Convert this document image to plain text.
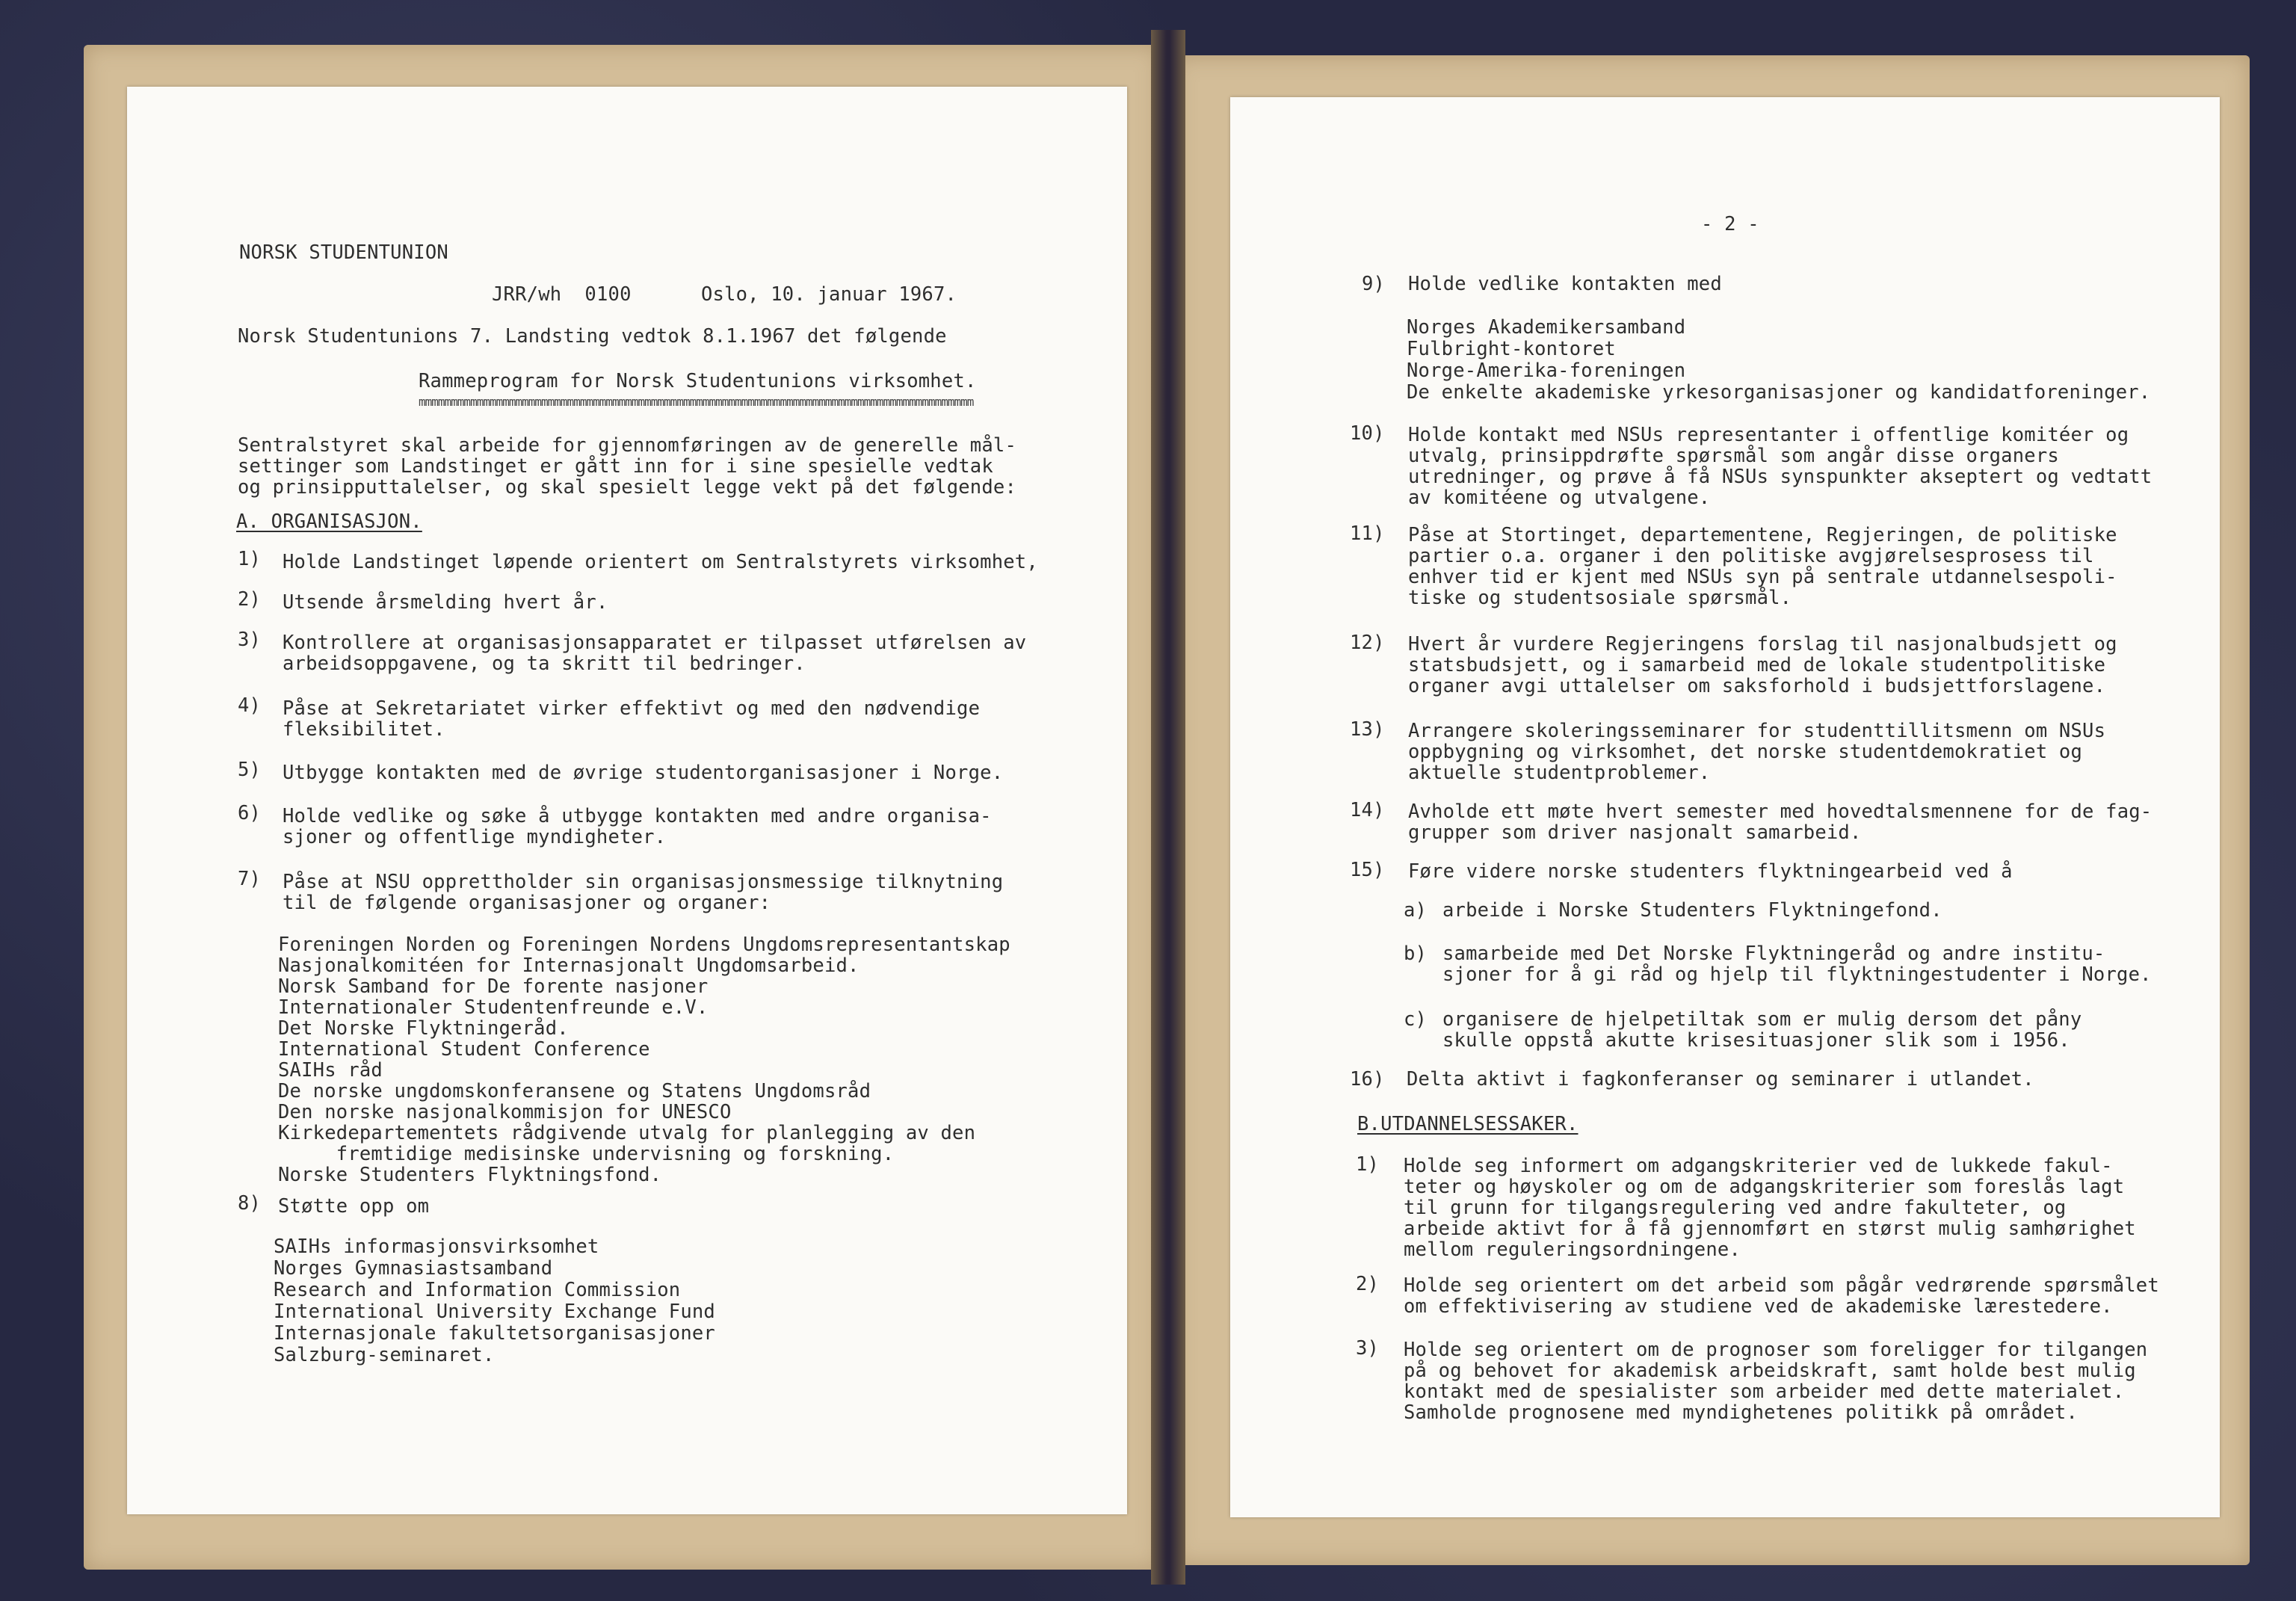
NORSK STUDENTUNION
JRR/wh  0100      Oslo, 10. januar 1967.
Norsk Studentunions 7. Landsting vedtok 8.1.1967 det følgende
Rammeprogram for Norsk Studentunions virksomhet.
mmmmmmmmmmmmmmmmmmmmmmmmmmmmmmmmmmmmmmmmmmmmmmmmmmmmmmmmmmmmmmmmmmmmmmmmmmmmmmmmmmmmmm
Sentralstyret skal arbeide for gjennomføringen av de generelle mål-
settinger som Landstinget er gått inn for i sine spesielle vedtak
og prinsipputtalelser, og skal spesielt legge vekt på det følgende:
A. ORGANISASJON.
1) Holde Landstinget løpende orientert om Sentralstyrets virksomhet,
2) Utsende årsmelding hvert år.
3) Kontrollere at organisasjonsapparatet er tilpasset utførelsen av
arbeidsoppgavene, og ta skritt til bedringer.
4) Påse at Sekretariatet virker effektivt og med den nødvendige
fleksibilitet.
5) Utbygge kontakten med de øvrige studentorganisasjoner i Norge.
6) Holde vedlike og søke å utbygge kontakten med andre organisa-
sjoner og offentlige myndigheter.
7) Påse at NSU opprettholder sin organisasjonsmessige tilknytning
til de følgende organisasjoner og organer:
Foreningen Norden og Foreningen Nordens Ungdomsrepresentantskap
Nasjonalkomitéen for Internasjonalt Ungdomsarbeid.
Norsk Samband for De forente nasjoner
Internationaler Studentenfreunde e.V.
Det Norske Flyktningeråd.
International Student Conference
SAIHs råd
De norske ungdomskonferansene og Statens Ungdomsråd
Den norske nasjonalkommisjon for UNESCO
Kirkedepartementets rådgivende utvalg for planlegging av den
fremtidige medisinske undervisning og forskning.
Norske Studenters Flyktningsfond.
8) Støtte opp om
SAIHs informasjonsvirksomhet
Norges Gymnasiastsamband
Research and Information Commission
International University Exchange Fund
Internasjonale fakultetsorganisasjoner
Salzburg-seminaret.
- 2 -
9) Holde vedlike kontakten med
Norges Akademikersamband
Fulbright-kontoret
Norge-Amerika-foreningen
De enkelte akademiske yrkesorganisasjoner og kandidatforeninger.
10) Holde kontakt med NSUs representanter i offentlige komitéer og
utvalg, prinsippdrøfte spørsmål som angår disse organers
utredninger, og prøve å få NSUs synspunkter akseptert og vedtatt
av komitéene og utvalgene.
11) Påse at Stortinget, departementene, Regjeringen, de politiske
partier o.a. organer i den politiske avgjørelsesprosess til
enhver tid er kjent med NSUs syn på sentrale utdannelsespoli-
tiske og studentsosiale spørsmål.
12) Hvert år vurdere Regjeringens forslag til nasjonalbudsjett og
statsbudsjett, og i samarbeid med de lokale studentpolitiske
organer avgi uttalelser om saksforhold i budsjettforslagene.
13) Arrangere skoleringsseminarer for studenttillitsmenn om NSUs
oppbygning og virksomhet, det norske studentdemokratiet og
aktuelle studentproblemer.
14) Avholde ett møte hvert semester med hovedtalsmennene for de fag-
grupper som driver nasjonalt samarbeid.
15) Føre videre norske studenters flyktningearbeid ved å
a) arbeide i Norske Studenters Flyktningefond.
b) samarbeide med Det Norske Flyktningeråd og andre institu-
sjoner for å gi råd og hjelp til flyktningestudenter i Norge.
c) organisere de hjelpetiltak som er mulig dersom det påny
skulle oppstå akutte krisesituasjoner slik som i 1956.
16) Delta aktivt i fagkonferanser og seminarer i utlandet.
B.UTDANNELSESSAKER.
1) Holde seg informert om adgangskriterier ved de lukkede fakul-
teter og høyskoler og om de adgangskriterier som foreslås lagt
til grunn for tilgangsregulering ved andre fakulteter, og
arbeide aktivt for å få gjennomført en størst mulig samhørighet
mellom reguleringsordningene.
2) Holde seg orientert om det arbeid som pågår vedrørende spørsmålet
om effektivisering av studiene ved de akademiske lærestedere.
3) Holde seg orientert om de prognoser som foreligger for tilgangen
på og behovet for akademisk arbeidskraft, samt holde best mulig
kontakt med de spesialister som arbeider med dette materialet.
Samholde prognosene med myndighetenes politikk på området.
